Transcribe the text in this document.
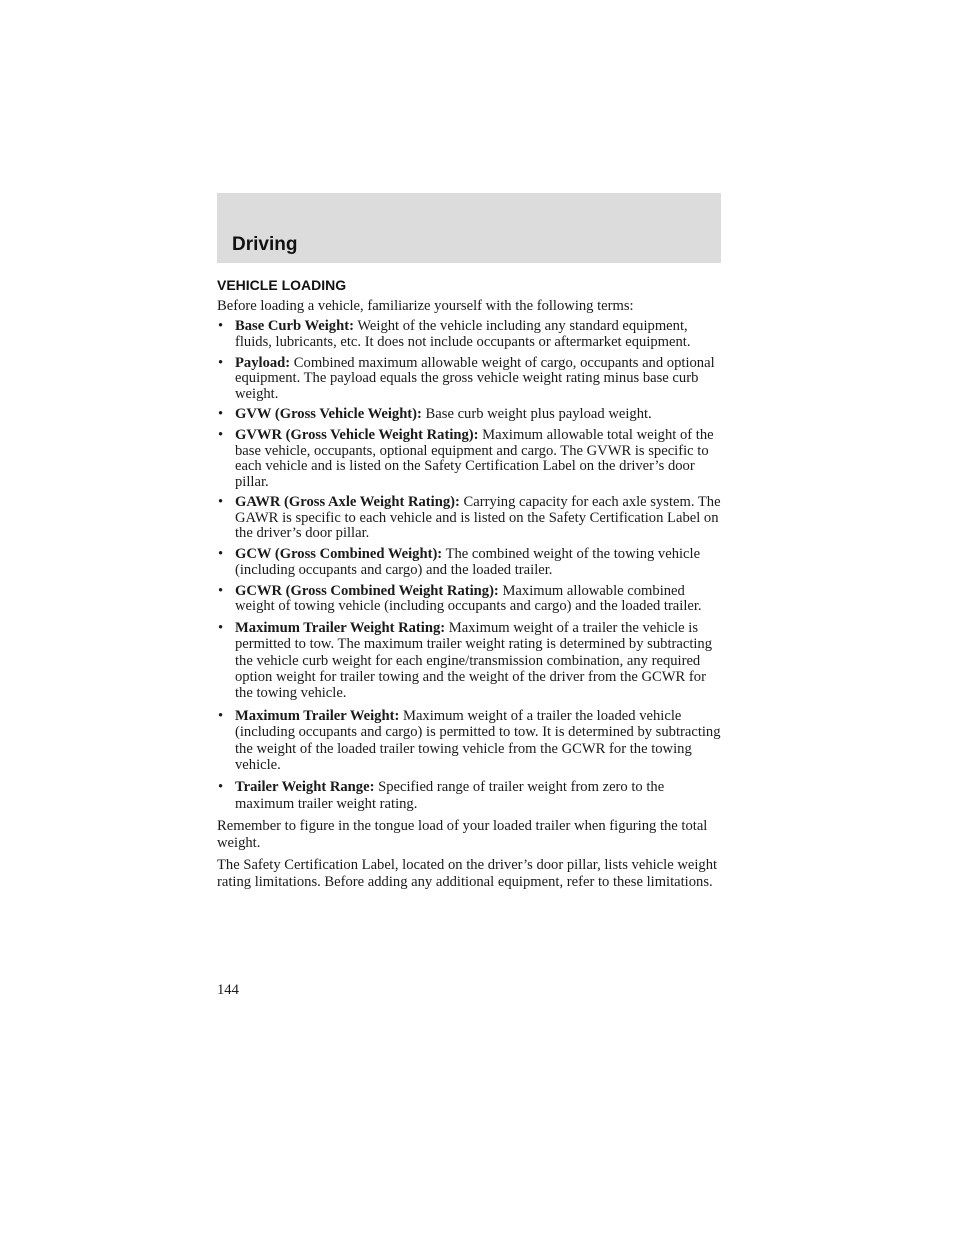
Driving
VEHICLE LOADING

Before loading a vehicle, familiarize yourself with the following terms:

• Base Curb Weight: Weight of the vehicle including any standard equipment, fluids, lubricants, etc. It does not include occupants or aftermarket equipment.
• Payload: Combined maximum allowable weight of cargo, occupants and optional equipment. The payload equals the gross vehicle weight rating minus base curb weight.
• GVW (Gross Vehicle Weight): Base curb weight plus payload weight.
• GVWR (Gross Vehicle Weight Rating): Maximum allowable total weight of the base vehicle, occupants, optional equipment and cargo. The GVWR is specific to each vehicle and is listed on the Safety Certification Label on the driver’s door pillar.
• GAWR (Gross Axle Weight Rating): Carrying capacity for each axle system. The GAWR is specific to each vehicle and is listed on the Safety Certification Label on the driver’s door pillar.
• GCW (Gross Combined Weight): The combined weight of the towing vehicle (including occupants and cargo) and the loaded trailer.
• GCWR (Gross Combined Weight Rating): Maximum allowable combined weight of towing vehicle (including occupants and cargo) and the loaded trailer.
• Maximum Trailer Weight Rating: Maximum weight of a trailer the vehicle is permitted to tow. The maximum trailer weight rating is determined by subtracting the vehicle curb weight for each engine/transmission combination, any required option weight for trailer towing and the weight of the driver from the GCWR for the towing vehicle.
• Maximum Trailer Weight: Maximum weight of a trailer the loaded vehicle (including occupants and cargo) is permitted to tow. It is determined by subtracting the weight of the loaded trailer towing vehicle from the GCWR for the towing vehicle.
• Trailer Weight Range: Specified range of trailer weight from zero to the maximum trailer weight rating.

Remember to figure in the tongue load of your loaded trailer when figuring the total weight.

The Safety Certification Label, located on the driver’s door pillar, lists vehicle weight rating limitations. Before adding any additional equipment, refer to these limitations.

144
